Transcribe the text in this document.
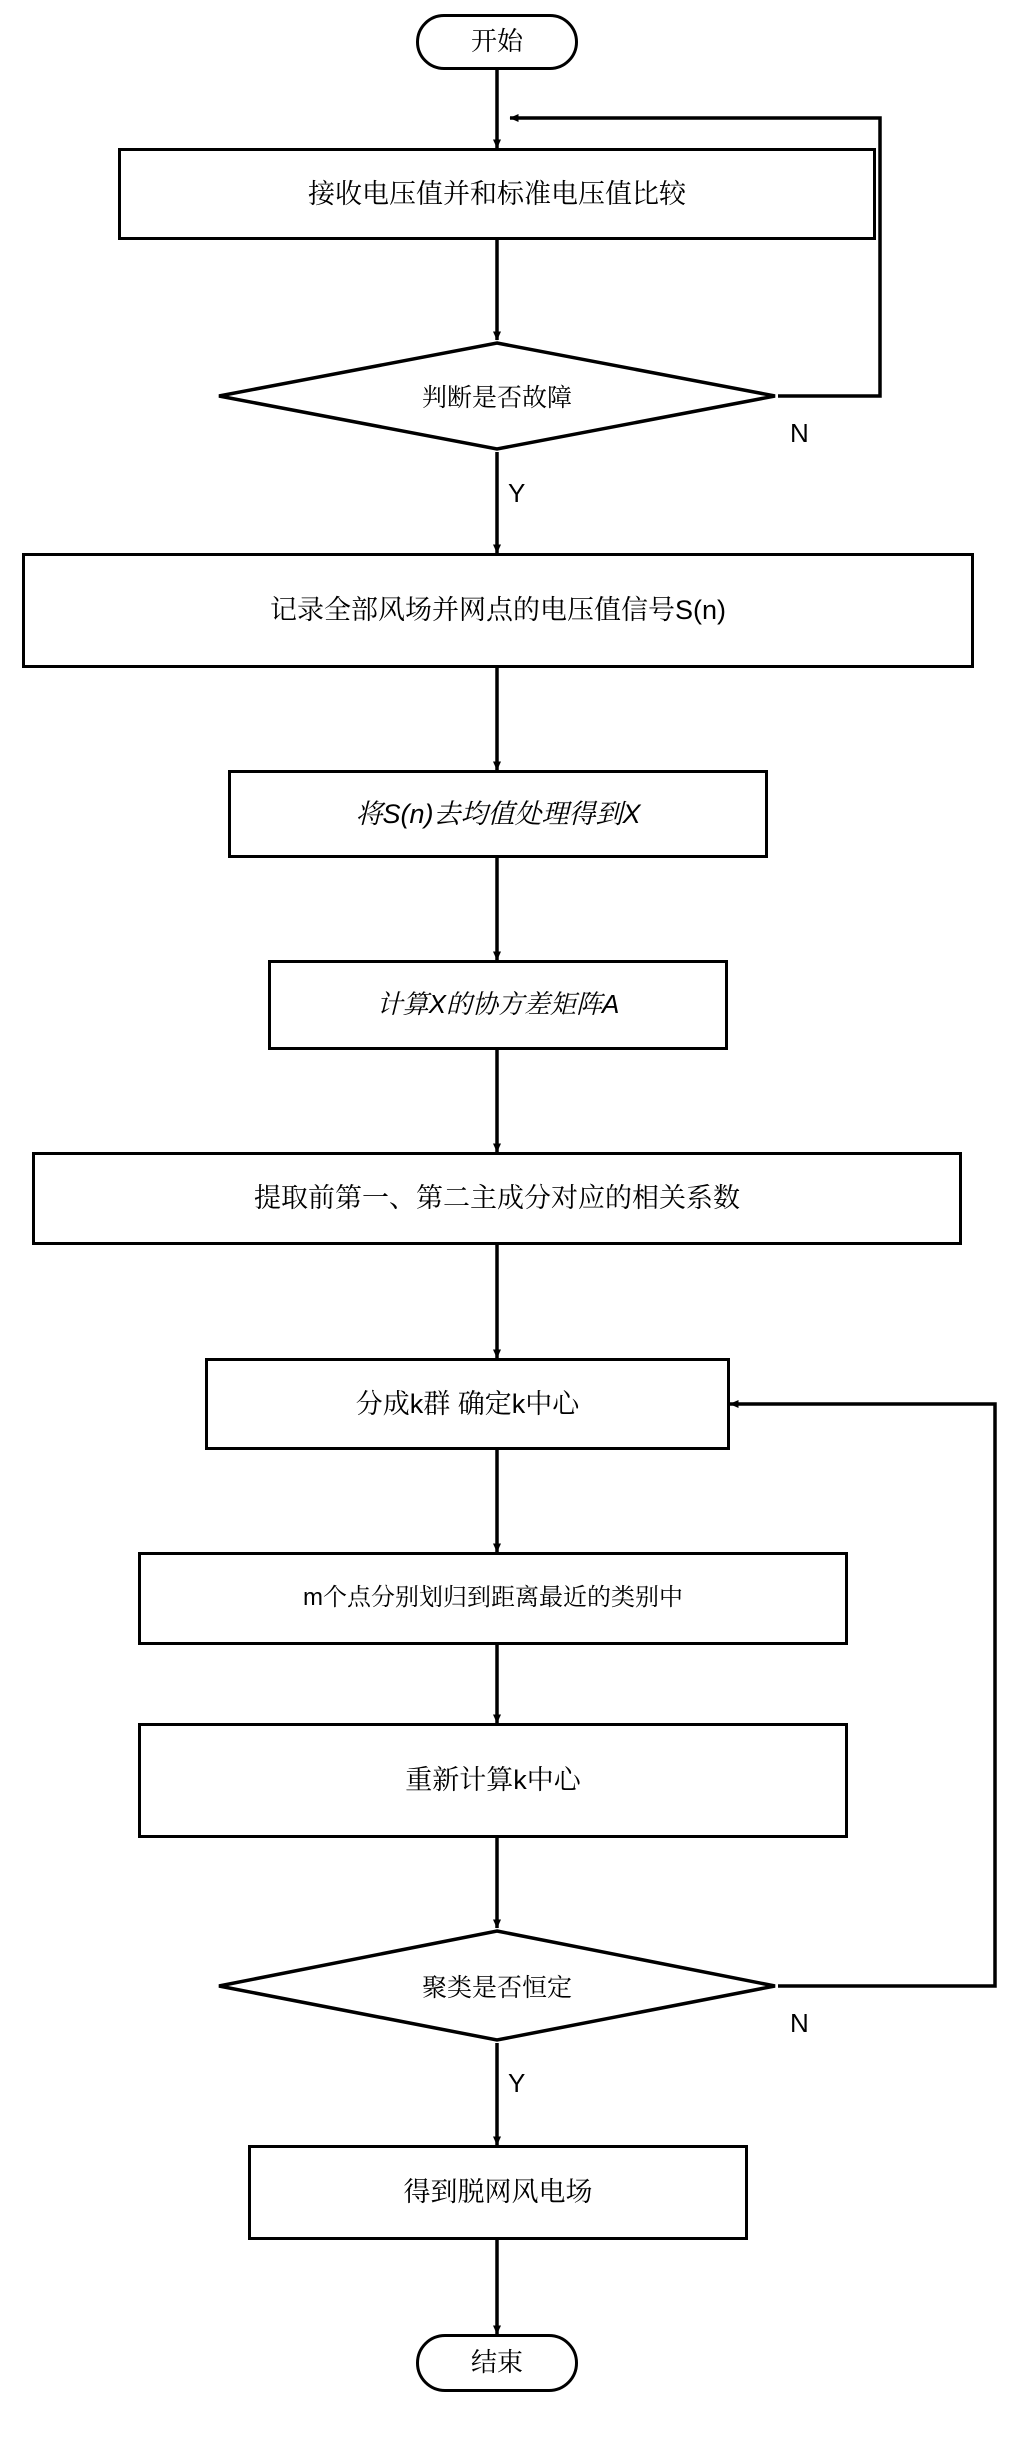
开始
接收电压值并和标准电压值比较
判断是否故障
N
Y
记录全部风场并网点的电压值信号S(n)
将S(n)去均值处理得到X
计算X的协方差矩阵A
提取前第一、第二主成分对应的相关系数
分成k群 确定k中心
m个点分别划归到距离最近的类别中
重新计算k中心
聚类是否恒定
N
Y
得到脱网风电场
结束
